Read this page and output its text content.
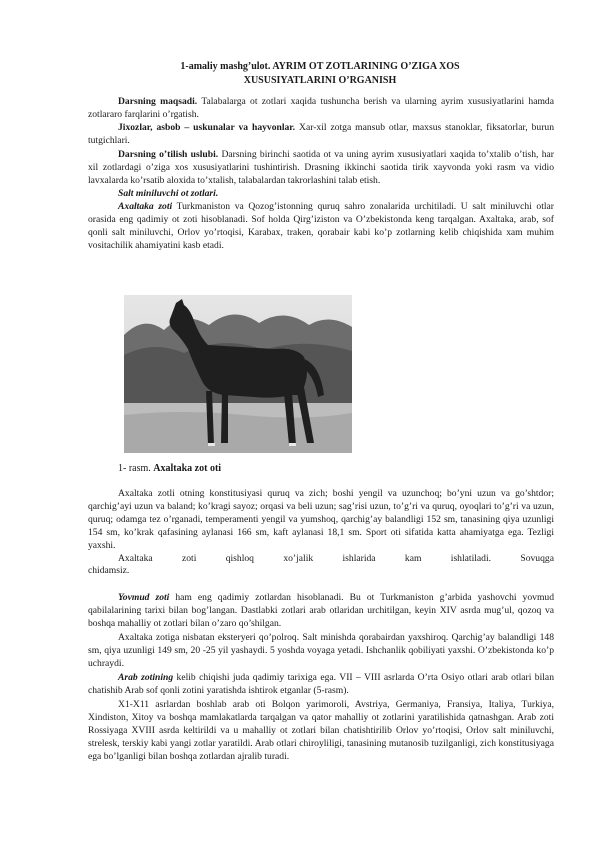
1-amaliy mashg’ulot. AYRIM OT ZOTLARINING O’ZIGA XOS
XUSUSIYATLARINI O’RGANISH
Darsning maqsadi. Talabalarga ot zotlari xaqida tushuncha berish va ularning ayrim xususiyatlarini hamda zotlararo farqlarini o’rgatish.
Jixozlar, asbob – uskunalar va hayvonlar. Xar-xil zotga mansub otlar, maxsus stanoklar, fiksatorlar, burun tutgichlari.
Darsning o’tilish uslubi. Darsning birinchi saotida ot va uning ayrim xususiyatlari xaqida to’xtalib o’tish, har xil zotlardagi o’ziga xos xususiyatlarini tushintirish. Drasning ikkinchi saotida tirik xayvonda yoki rasm va vidio lavxalarda ko’rsatib aloxida to’xtalish, talabalardan takrorlashini talab etish.
Salt miniluvchi ot zotlari.
Axaltaka zoti Turkmaniston va Qozog’istonning quruq sahro zonalarida urchitiladi. U salt miniluvchi otlar orasida eng qadimiy ot zoti hisoblanadi. Sof holda Qirg’iziston va O’zbekistonda keng tarqalgan. Axaltaka, arab, sof qonli salt miniluvchi, Orlov yo’rtoqisi, Karabax, traken, qorabair kabi ko’p zotlarning kelib chiqishida хаm muhim vositachilik ahamiyatini kasb etadi.
1- rasm. Axaltaka zot oti
Axaltaka zotli otning konstitusiyasi quruq va zich; boshi yengil va uzunchoq; bo’yni uzun va go’shtdor; qarchig’ayi uzun va baland; ko’kragi sayoz; orqasi va beli uzun; sag’risi uzun, to’g’ri va quruq, oyoqlari to’g’ri va uzun, quruq; odamga tez o’rganadi, temperamenti yengil va yumshoq, qarchig’ay balandligi 152 sm, tanasining qiya uzunligi 154 sm, ko’krak qafasining aylanasi 166 sm, kaft aylanasi 18,1 sm. Sport oti sifatida katta ahamiyatga ega. Tezligi yaxshi.
Axaltaka	zoti	qishloq	xo’jalik	ishlarida	kam	ishlatiladi.	Sovuqga
chidamsiz.
Yovmud zoti ham eng qadimiy zotlardan hisoblanadi. Bu ot Turkmaniston g’arbida yashovchi yovmud qabilalarining tarixi bilan bog’langan. Dastlabki zotlari arab otlaridan urchitilgan, keyin XIV asrda mug’ul, qozoq va boshqa mahalliy ot zotlari bilan o’zaro qo’shilgan.
Axaltaka zotiga nisbatan eksteryeri qo’polroq. Salt minishda qorabairdan yaxshiroq. Qarchig’ay balandligi 148 sm, qiya uzunligi 149 sm, 20 -25 yil yashaydi. 5 yoshda voyaga yetadi. Ishchanlik qobiliyati yaxshi. O’zbekistonda ko’p uchraydi.
Arab zotining kelib chiqishi juda qadimiy tarixiga ega. VII – VIII asrlarda O’rta Osiyo otlari arab otlari bilan chatishib Arab sof qonli zotini yaratishda ishtirok etganlar (5-rasm).
X1-X11 asrlardan boshlab arab oti Bolqon yarimoroli, Avstriya, Germaniya, Fransiya, Italiya, Turkiya, Xindiston, Xitoy va boshqa mamlakatlarda tarqalgan va qator mahalliy ot zotlarini yaratilishida qatnashgan. Arab zoti Rossiyaga XVIII asrda keltirildi va u mahalliy ot zotlari bilan chatishtirilib Orlov yo’rtoqisi, Orlov salt miniluvchi, strelesk, terskiy kabi yangi zotlar yaratildi. Arab otlari chiroyliligi, tanasining mutanosib tuzilganligi, zich konstitusiyaga ega bo’lganligi bilan boshqa zotlardan ajralib turadi.
